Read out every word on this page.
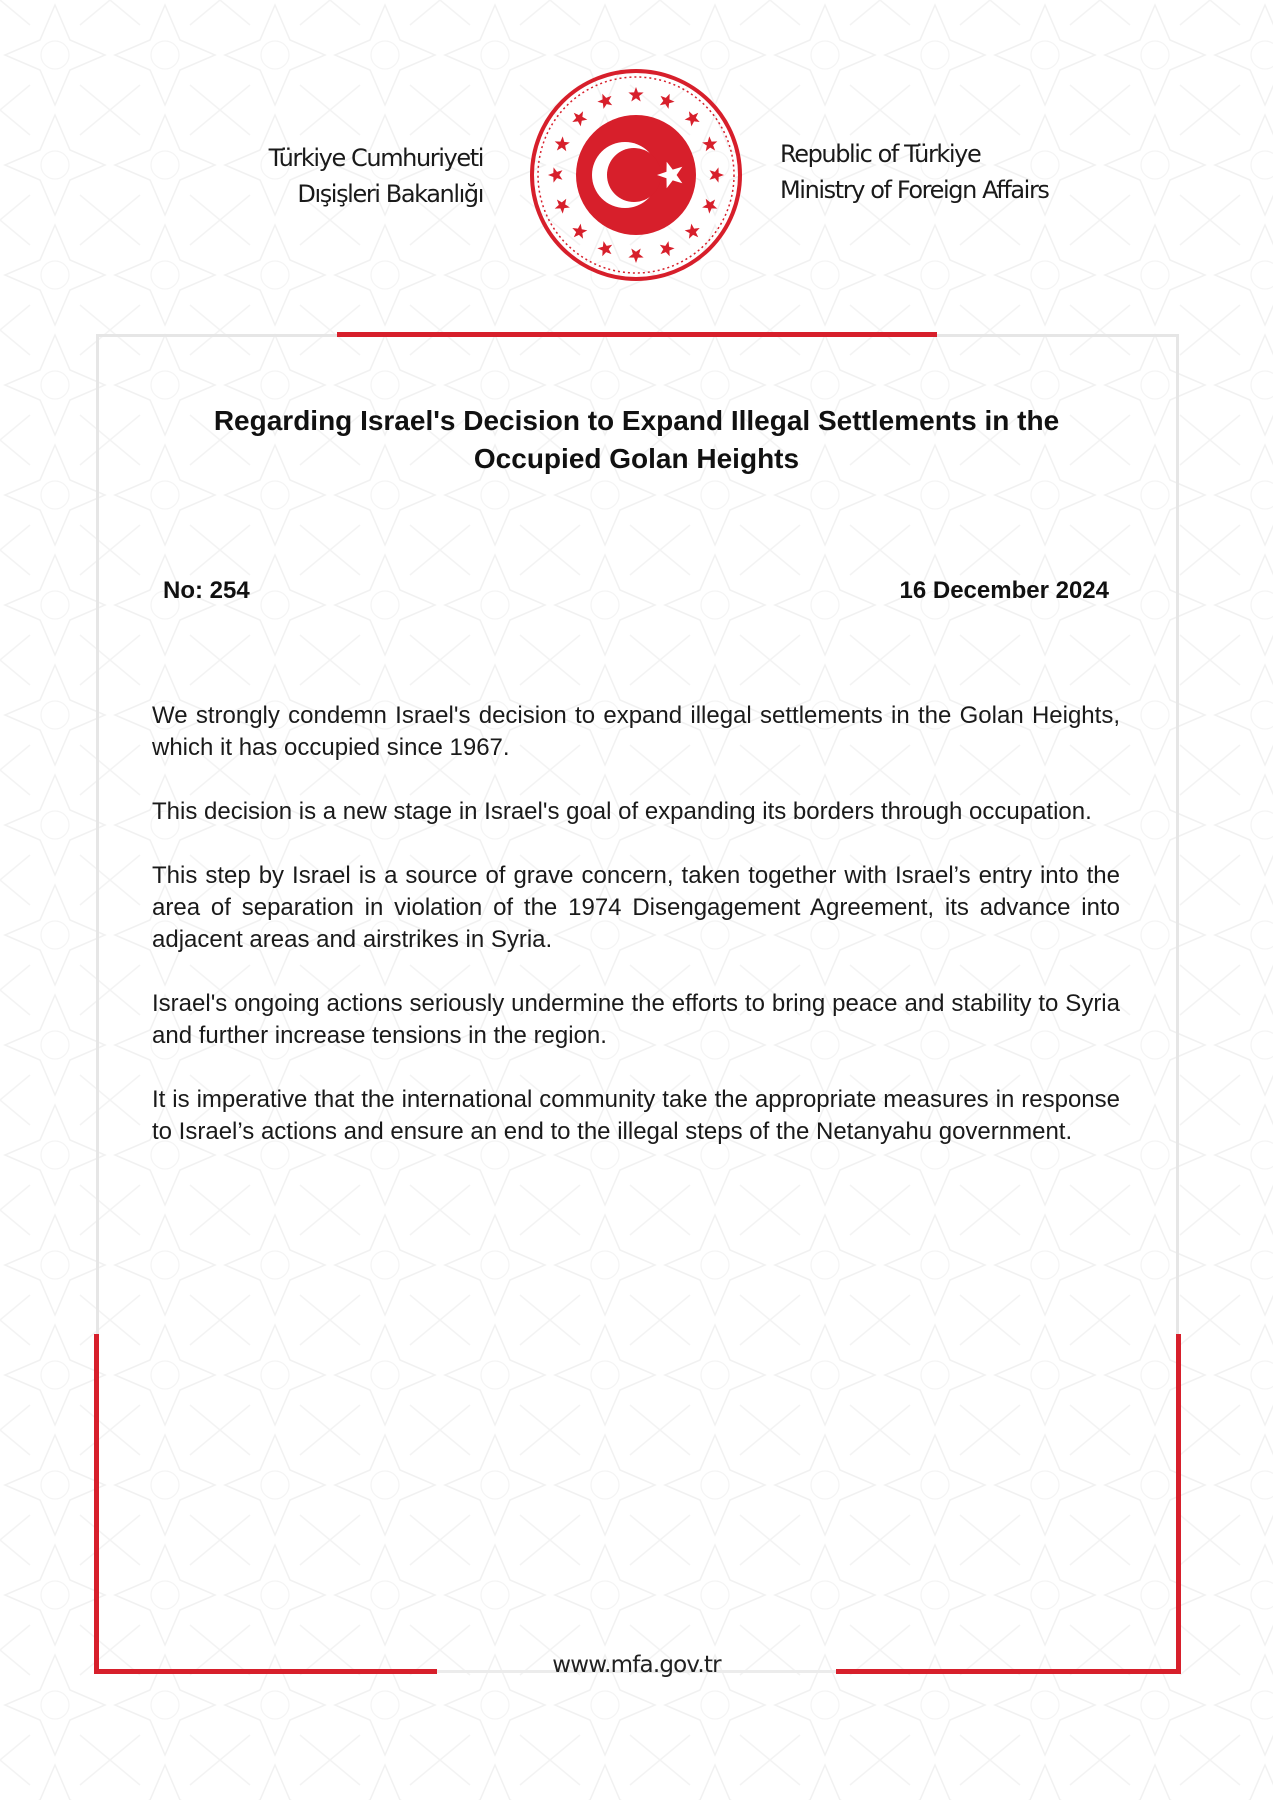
Türkiye Cumhuriyeti
Dışişleri Bakanlığı
Republic of Türkiye
Ministry of Foreign Affairs
Regarding Israel's Decision to Expand Illegal Settlements in the
Occupied Golan Heights
No: 254	16 December 2024

We strongly condemn Israel's decision to expand illegal settlements in the Golan Heights, which it has occupied since 1967.

This decision is a new stage in Israel's goal of expanding its borders through occupation.

This step by Israel is a source of grave concern, taken together with Israel’s entry into the area of separation in violation of the 1974 Disengagement Agreement, its advance into adjacent areas and airstrikes in Syria.

Israel's ongoing actions seriously undermine the efforts to bring peace and stability to Syria and further increase tensions in the region.

It is imperative that the international community take the appropriate measures in response to Israel’s actions and ensure an end to the illegal steps of the Netanyahu government.

www.mfa.gov.tr
